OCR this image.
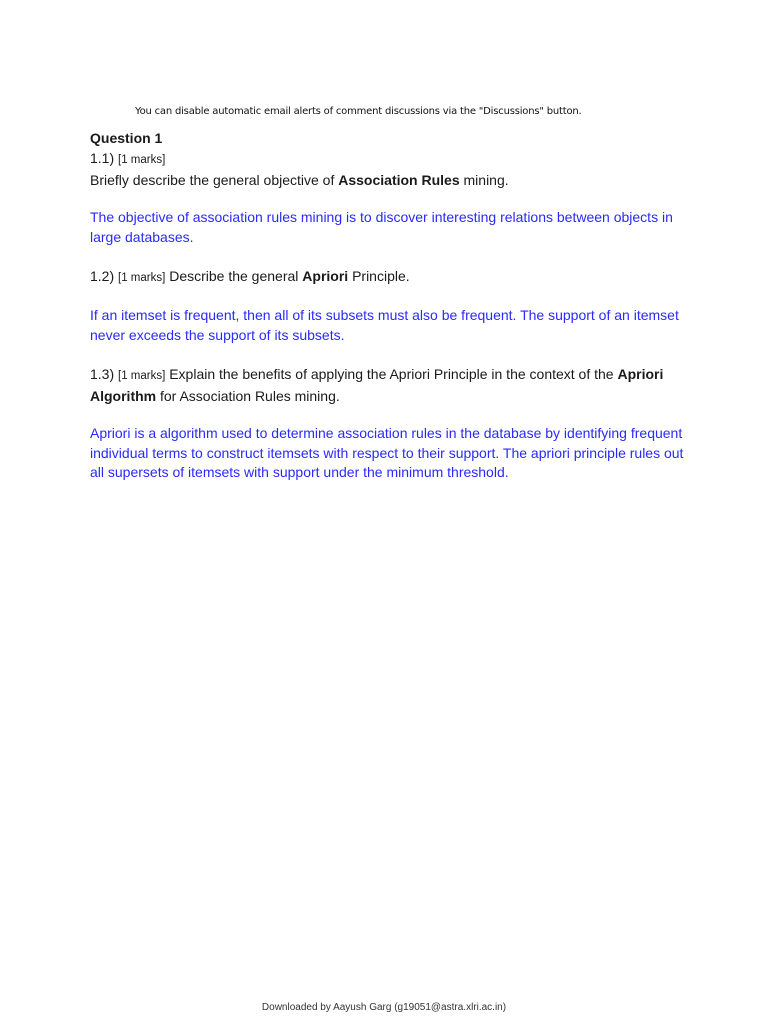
You can disable automatic email alerts of comment discussions via the "Discussions" button.

Question 1

1.1) [1 marks]

Briefly describe the general objective of Association Rules mining.

The objective of association rules mining is to discover interesting relations between objects in large databases.

1.2) [1 marks] Describe the general Apriori Principle.

If an itemset is frequent, then all of its subsets must also be frequent. The support of an itemset never exceeds the support of its subsets.

1.3) [1 marks] Explain the benefits of applying the Apriori Principle in the context of the Apriori Algorithm for Association Rules mining.

Apriori is a algorithm used to determine association rules in the database by identifying frequent individual terms to construct itemsets with respect to their support. The apriori principle rules out all supersets of itemsets with support under the minimum threshold.

Downloaded by Aayush Garg (g19051@astra.xlri.ac.in)
